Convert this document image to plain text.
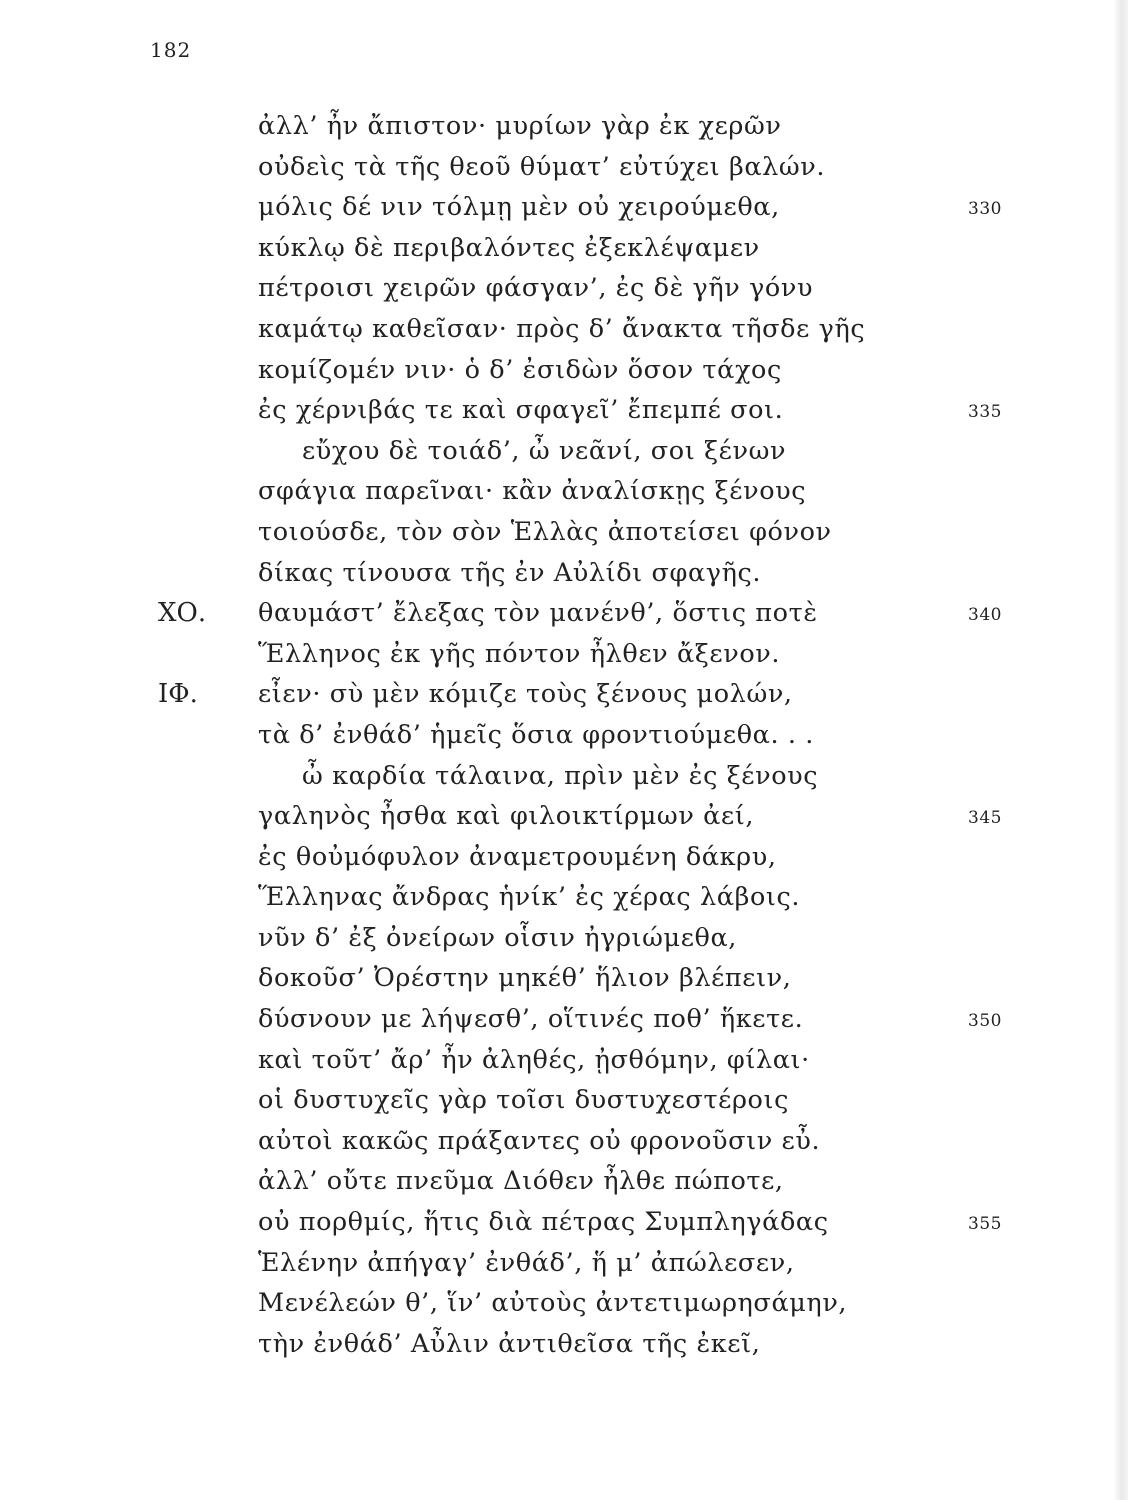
182
ἀλλ’ ἦν ἄπιστον· μυρίων γὰρ ἐκ χερῶν
οὐδεὶς τὰ τῆς θεοῦ θύματ’ εὐτύχει βαλών.
μόλις δέ νιν τόλμῃ μὲν οὐ χειρούμεθα,	330
κύκλῳ δὲ περιβαλόντες ἐξεκλέψαμεν
πέτροισι χειρῶν φάσγαν’, ἐς δὲ γῆν γόνυ
καμάτῳ καθεῖσαν· πρὸς δ’ ἄνακτα τῆσδε γῆς
κομίζομέν νιν· ὁ δ’ ἐσιδὼν ὅσον τάχος
ἐς χέρνιβάς τε καὶ σφαγεῖ’ ἔπεμπέ σοι.	335
εὔχου δὲ τοιάδ’, ὦ νεᾶνί, σοι ξένων
σφάγια παρεῖναι· κἂν ἀναλίσκῃς ξένους
τοιούσδε, τὸν σὸν Ἑλλὰς ἀποτείσει φόνον
δίκας τίνουσα τῆς ἐν Αὐλίδι σφαγῆς.
ΧΟ. θαυμάστ’ ἔλεξας τὸν μανένθ’, ὅστις ποτὲ	340
Ἕλληνος ἐκ γῆς πόντον ἦλθεν ἄξενον.
ΙΦ. εἶεν· σὺ μὲν κόμιζε τοὺς ξένους μολών,
τὰ δ’ ἐνθάδ’ ἡμεῖς ὅσια φροντιούμεθα. . .
ὦ καρδία τάλαινα, πρὶν μὲν ἐς ξένους
γαληνὸς ἦσθα καὶ φιλοικτίρμων ἀεί,	345
ἐς θοὐμόφυλον ἀναμετρουμένη δάκρυ,
Ἕλληνας ἄνδρας ἡνίκ’ ἐς χέρας λάβοις.
νῦν δ’ ἐξ ὀνείρων οἷσιν ἠγριώμεθα,
δοκοῦσ’ Ὀρέστην μηκέθ’ ἥλιον βλέπειν,
δύσνουν με λήψεσθ’, οἵτινές ποθ’ ἥκετε.	350
καὶ τοῦτ’ ἄρ’ ἦν ἀληθές, ᾐσθόμην, φίλαι·
οἱ δυστυχεῖς γὰρ τοῖσι δυστυχεστέροις
αὐτοὶ κακῶς πράξαντες οὐ φρονοῦσιν εὖ.
ἀλλ’ οὔτε πνεῦμα Διόθεν ἦλθε πώποτε,
οὐ πορθμίς, ἥτις διὰ πέτρας Συμπληγάδας	355
Ἑλένην ἀπήγαγ’ ἐνθάδ’, ἥ μ’ ἀπώλεσεν,
Μενέλεών θ’, ἵν’ αὐτοὺς ἀντετιμωρησάμην,
τὴν ἐνθάδ’ Αὖλιν ἀντιθεῖσα τῆς ἐκεῖ,
